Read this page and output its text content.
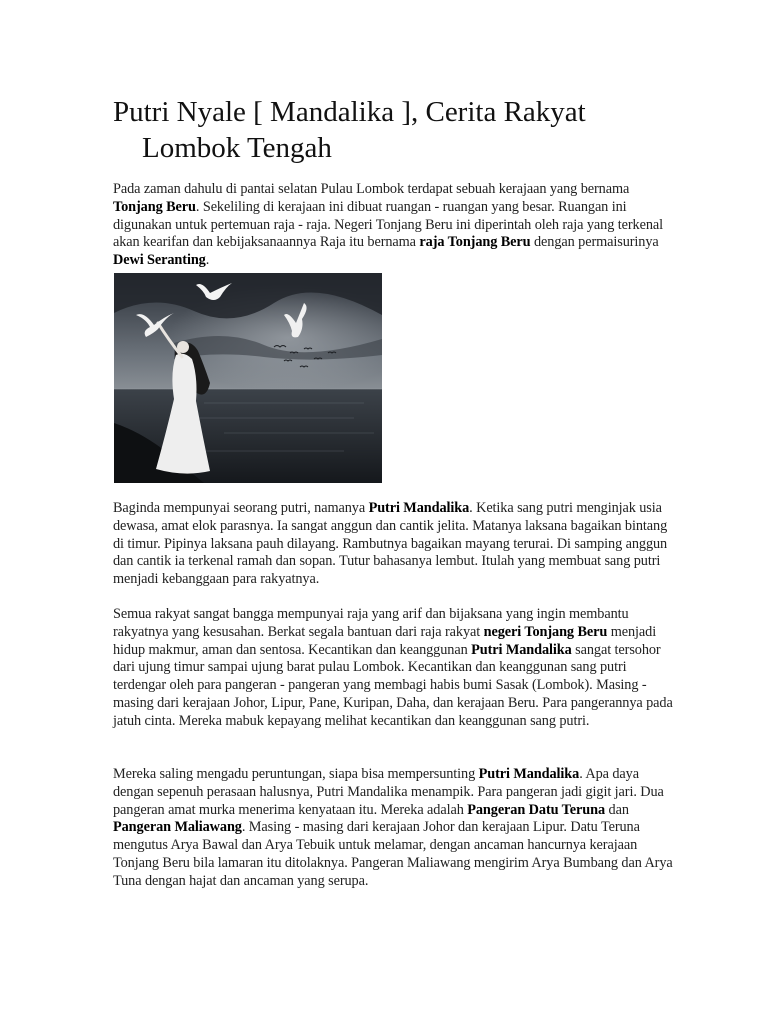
Putri Nyale [ Mandalika ], Cerita Rakyat
Lombok Tengah

Pada zaman dahulu di pantai selatan Pulau Lombok terdapat sebuah kerajaan yang bernama Tonjang Beru. Sekeliling di kerajaan ini dibuat ruangan - ruangan yang besar. Ruangan ini digunakan untuk pertemuan raja - raja. Negeri Tonjang Beru ini diperintah oleh raja yang terkenal akan kearifan dan kebijaksanaannya Raja itu bernama raja Tonjang Beru dengan permaisurinya Dewi Seranting.

Baginda mempunyai seorang putri, namanya Putri Mandalika. Ketika sang putri menginjak usia dewasa, amat elok parasnya. Ia sangat anggun dan cantik jelita. Matanya laksana bagaikan bintang di timur. Pipinya laksana pauh dilayang. Rambutnya bagaikan mayang terurai. Di samping anggun dan cantik ia terkenal ramah dan sopan. Tutur bahasanya lembut. Itulah yang membuat sang putri menjadi kebanggaan para rakyatnya.

Semua rakyat sangat bangga mempunyai raja yang arif dan bijaksana yang ingin membantu rakyatnya yang kesusahan. Berkat segala bantuan dari raja rakyat negeri Tonjang Beru menjadi hidup makmur, aman dan sentosa. Kecantikan dan keanggunan Putri Mandalika sangat tersohor dari ujung timur sampai ujung barat pulau Lombok. Kecantikan dan keanggunan sang putri terdengar oleh para pangeran - pangeran yang membagi habis bumi Sasak (Lombok). Masing - masing dari kerajaan Johor, Lipur, Pane, Kuripan, Daha, dan kerajaan Beru. Para pangerannya pada jatuh cinta. Mereka mabuk kepayang melihat kecantikan dan keanggunan sang putri.

Mereka saling mengadu peruntungan, siapa bisa mempersunting Putri Mandalika. Apa daya dengan sepenuh perasaan halusnya, Putri Mandalika menampik. Para pangeran jadi gigit jari. Dua pangeran amat murka menerima kenyataan itu. Mereka adalah Pangeran Datu Teruna dan Pangeran Maliawang. Masing - masing dari kerajaan Johor dan kerajaan Lipur. Datu Teruna mengutus Arya Bawal dan Arya Tebuik untuk melamar, dengan ancaman hancurnya kerajaan Tonjang Beru bila lamaran itu ditolaknya. Pangeran Maliawang mengirim Arya Bumbang dan Arya Tuna dengan hajat dan ancaman yang serupa.
